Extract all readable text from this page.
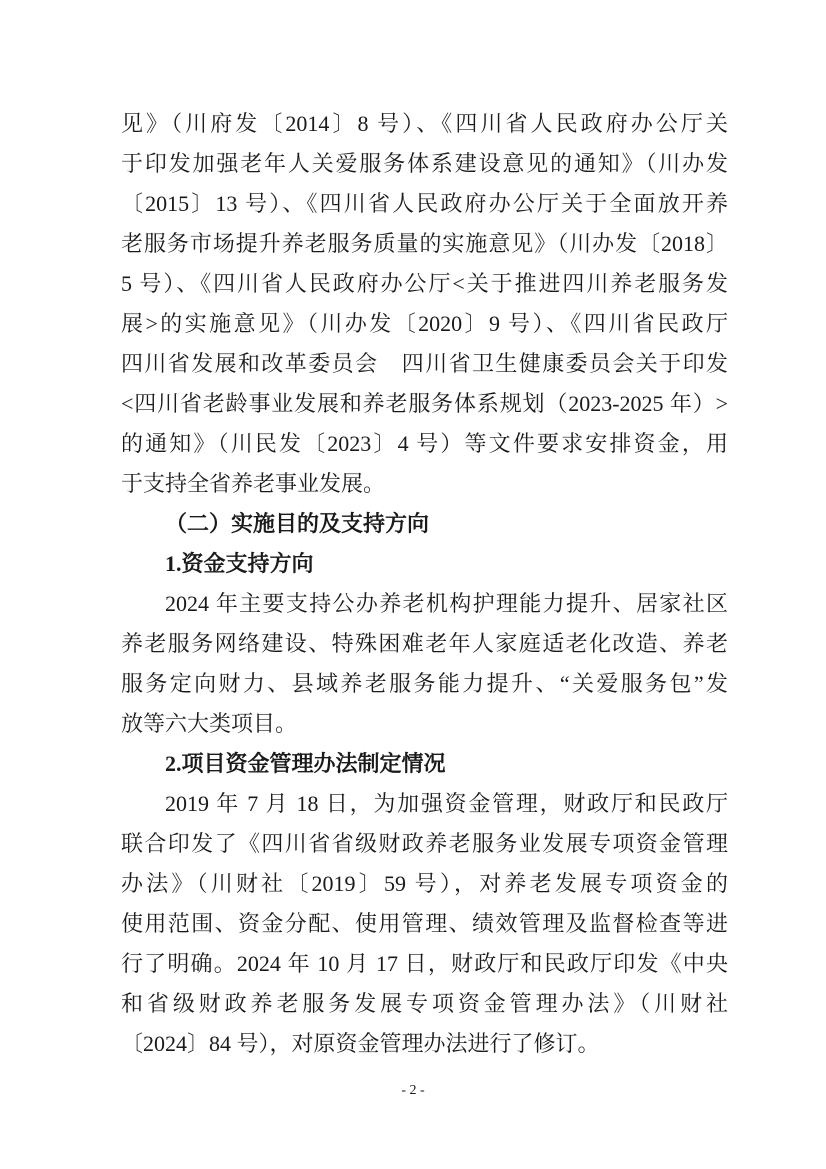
见》（川府发〔2014〕8 号）、《四川省人民政府办公厅关
于印发加强老年人关爱服务体系建设意见的通知》（川办发
〔2015〕13 号）、《四川省人民政府办公厅关于全面放开养
老服务市场提升养老服务质量的实施意见》（川办发〔2018〕
5 号）、《四川省人民政府办公厅<关于推进四川养老服务发
展>的实施意见》（川办发〔2020〕9 号）、《四川省民政厅
四川省发展和改革委员会　四川省卫生健康委员会关于印发
<四川省老龄事业发展和养老服务体系规划（2023-2025 年）>
的通知》（川民发〔2023〕4 号）等文件要求安排资金，用
于支持全省养老事业发展。

（二）实施目的及支持方向

1.资金支持方向

2024 年主要支持公办养老机构护理能力提升、居家社区
养老服务网络建设、特殊困难老年人家庭适老化改造、养老
服务定向财力、县域养老服务能力提升、“关爱服务包”发
放等六大类项目。

2.项目资金管理办法制定情况

2019 年 7 月 18 日，为加强资金管理，财政厅和民政厅
联合印发了《四川省省级财政养老服务业发展专项资金管理
办法》（川财社〔2019〕59 号），对养老发展专项资金的
使用范围、资金分配、使用管理、绩效管理及监督检查等进
行了明确。2024 年 10 月 17 日，财政厅和民政厅印发《中央
和省级财政养老服务发展专项资金管理办法》（川财社
〔2024〕84 号），对原资金管理办法进行了修订。

- 2 -
